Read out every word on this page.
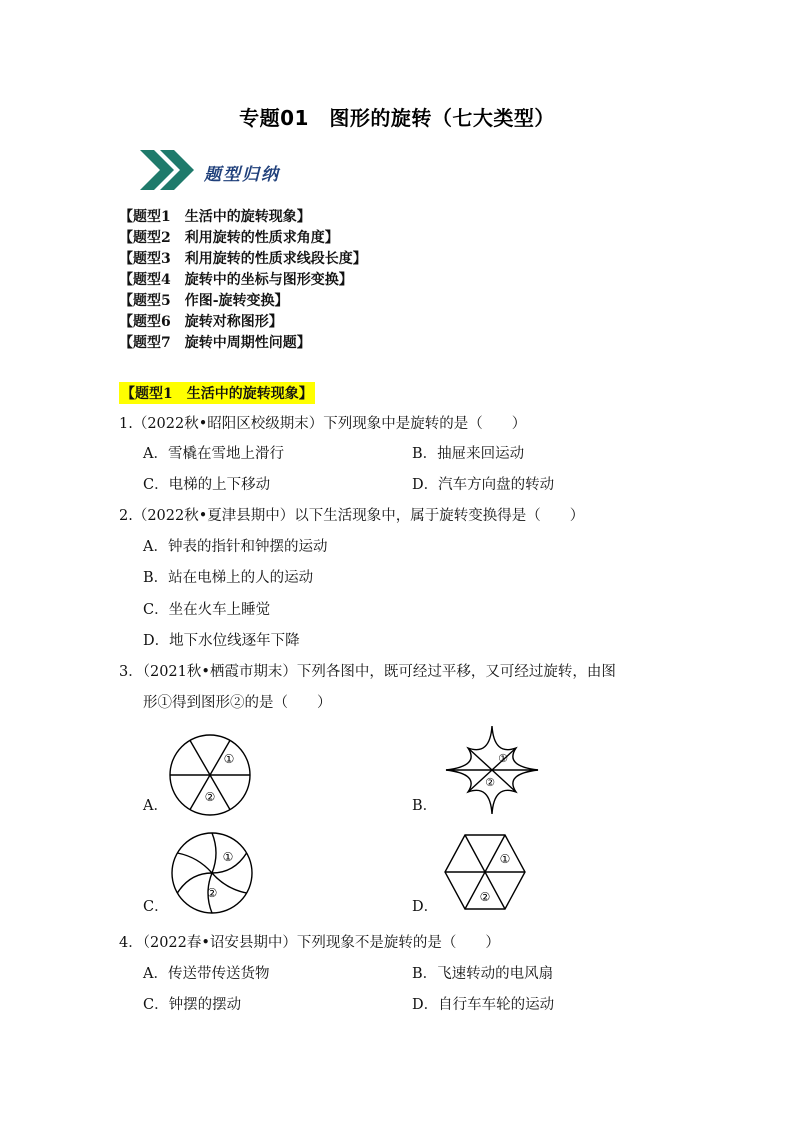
专题01　图形的旋转（七大类型）
题型归纳
【题型1　生活中的旋转现象】
【题型2　利用旋转的性质求角度】
【题型3　利用旋转的性质求线段长度】
【题型4　旋转中的坐标与图形变换】
【题型5　作图-旋转变换】
【题型6　旋转对称图形】
【题型7　旋转中周期性问题】
【题型1　生活中的旋转现象】
1.（2022秋•昭阳区校级期末）下列现象中是旋转的是（　　）
A．雪橇在雪地上滑行	B．抽屉来回运动
C．电梯的上下移动	D．汽车方向盘的转动
2.（2022秋•夏津县期中）以下生活现象中，属于旋转变换得是（　　）
A．钟表的指针和钟摆的运动
B．站在电梯上的人的运动
C．坐在火车上睡觉
D．地下水位线逐年下降
3．（2021秋•栖霞市期末）下列各图中，既可经过平移，又可经过旋转，由图
形①得到图形②的是（　　）
A．	B．
C．	D．
①
②
①
②
①
②
①
②
4．（2022春•诏安县期中）下列现象不是旋转的是（　　）
A．传送带传送货物	B．飞速转动的电风扇
C．钟摆的摆动	D．自行车车轮的运动
